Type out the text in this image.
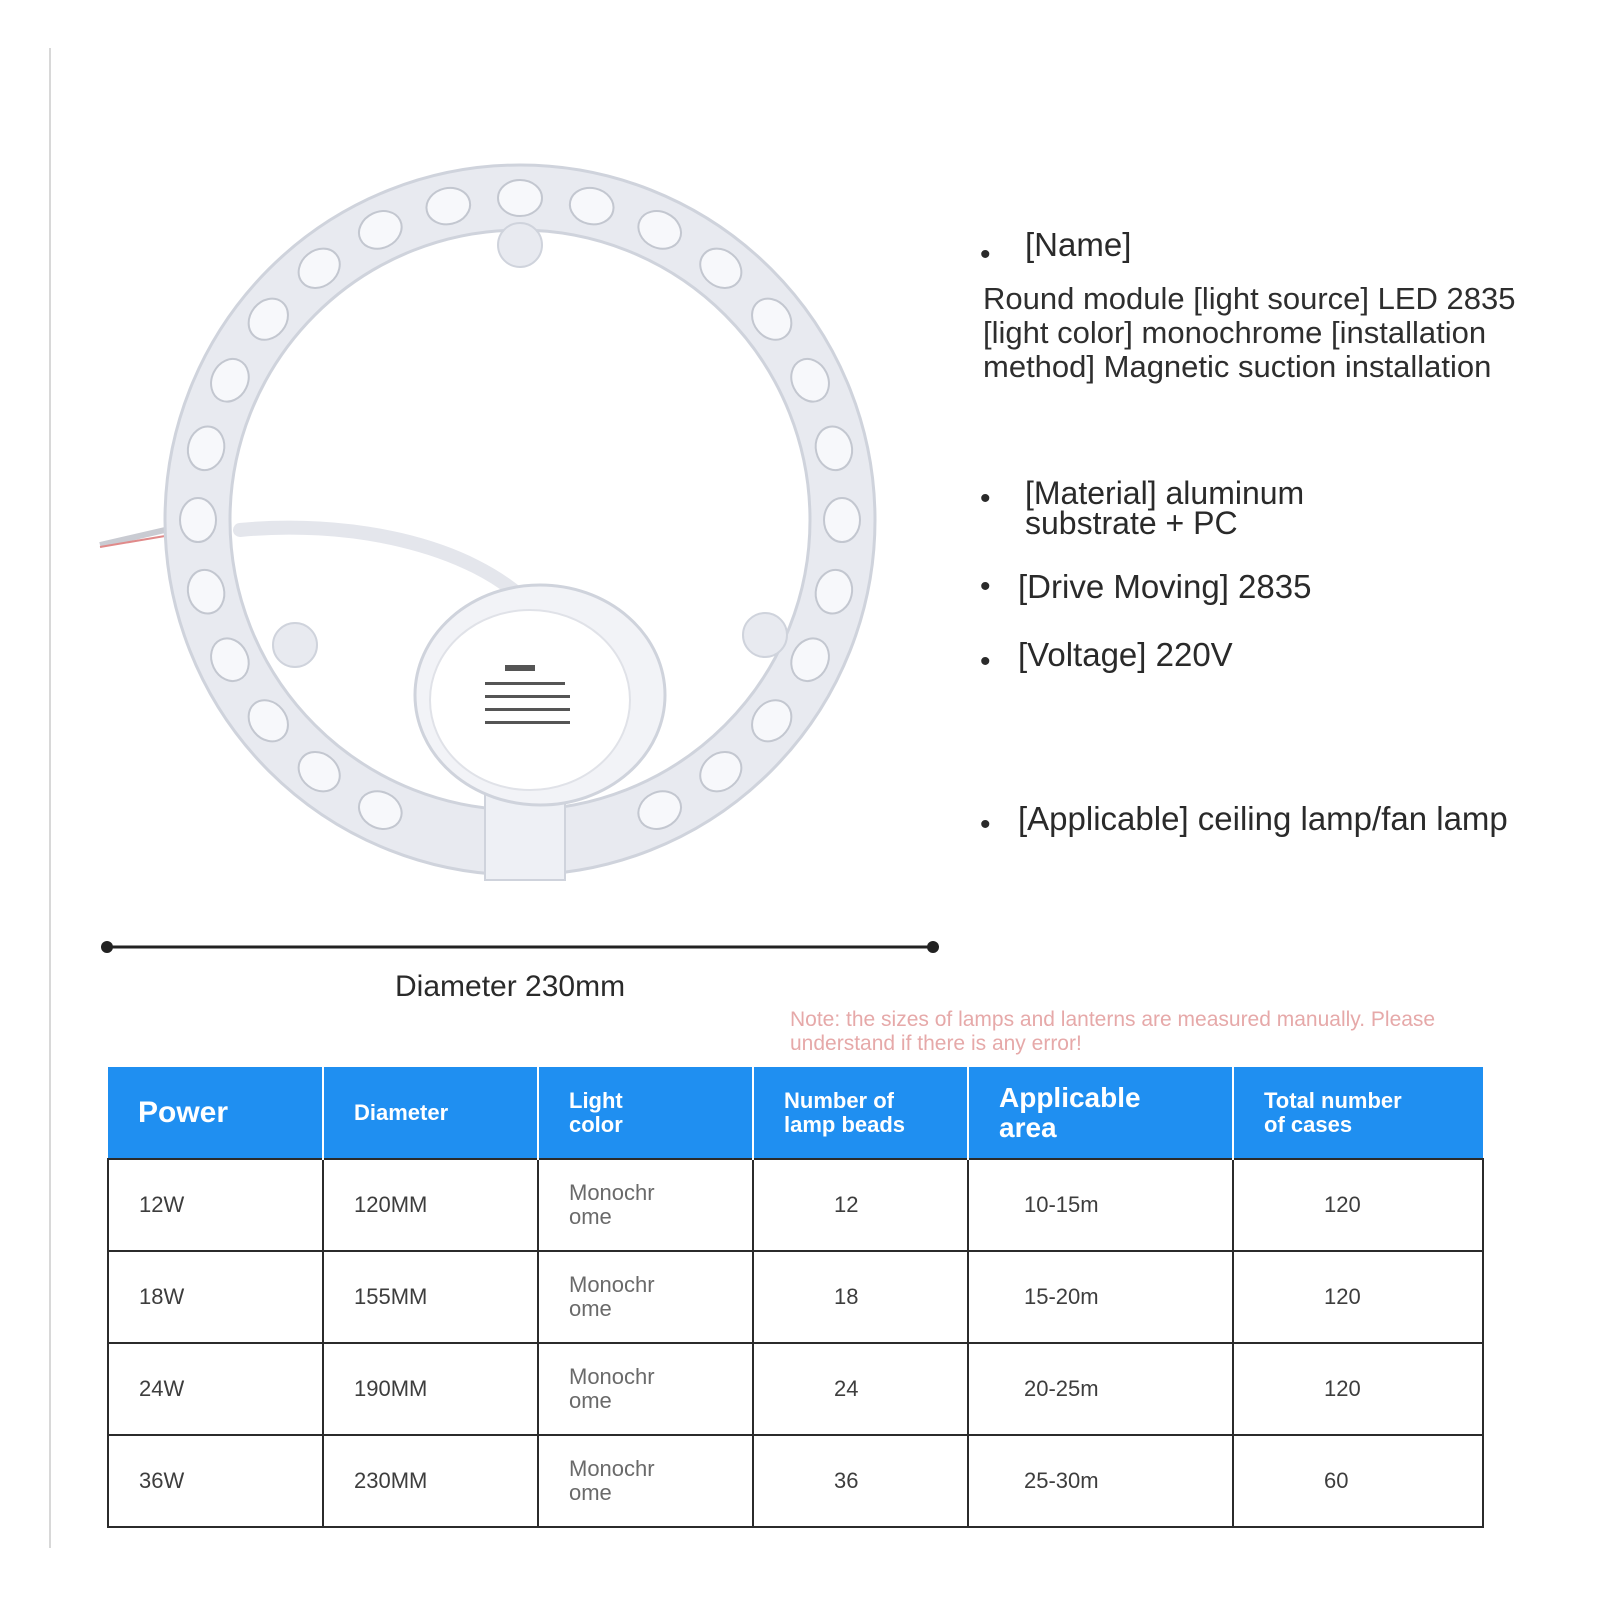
• [Name]
Round module [light source] LED 2835 [light color] monochrome [installation method] Magnetic suction installation
• [Material] aluminum substrate + PC
• [Drive Moving] 2835
• [Voltage] 220V
• [Applicable] ceiling lamp/fan lamp
Diameter 230mm
Note: the sizes of lamps and lanterns are measured manually. Please understand if there is any error!
Power	Diameter	Light color	Number of lamp beads	Applicable area	Total number of cases

12W	120MM	Monochrome	12	10-15m	120
18W	155MM	Monochrome	18	15-20m	120
24W	190MM	Monochrome	24	20-25m	120
36W	230MM	Monochrome	36	25-30m	60
